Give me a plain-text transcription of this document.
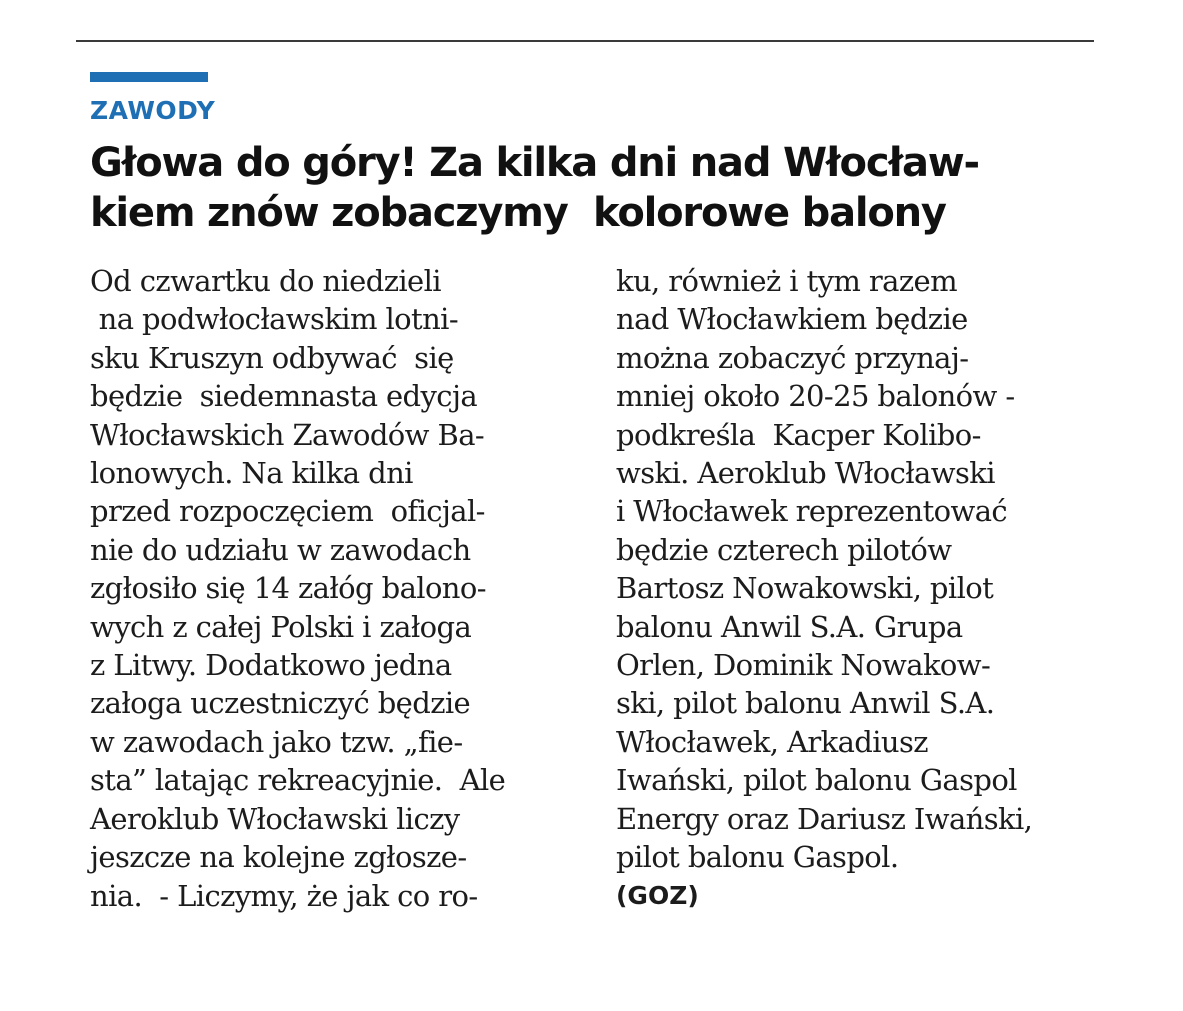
ZAWODY
Głowa do góry! Za kilka dni nad Włocław-
kiem znów zobaczymy  kolorowe balony
Od czwartku do niedzieli
na podwłocławskim lotni-
sku Kruszyn odbywać  się
będzie  siedemnasta edycja
Włocławskich Zawodów Ba-
lonowych. Na kilka dni
przed rozpoczęciem  oficjal-
nie do udziału w zawodach
zgłosiło się 14 załóg balono-
wych z całej Polski i załoga
z Litwy. Dodatkowo jedna
załoga uczestniczyć będzie
w zawodach jako tzw. „fie-
sta” latając rekreacyjnie.  Ale
Aeroklub Włocławski liczy
jeszcze na kolejne zgłosze-
nia.  - Liczymy, że jak co ro-
ku, również i tym razem
nad Włocławkiem będzie
można zobaczyć przynaj-
mniej około 20-25 balonów -
podkreśla  Kacper Kolibo-
wski. Aeroklub Włocławski
i Włocławek reprezentować
będzie czterech pilotów
Bartosz Nowakowski, pilot
balonu Anwil S.A. Grupa
Orlen, Dominik Nowakow-
ski, pilot balonu Anwil S.A.
Włocławek, Arkadiusz
Iwański, pilot balonu Gaspol
Energy oraz Dariusz Iwański,
pilot balonu Gaspol.
(GOZ)
